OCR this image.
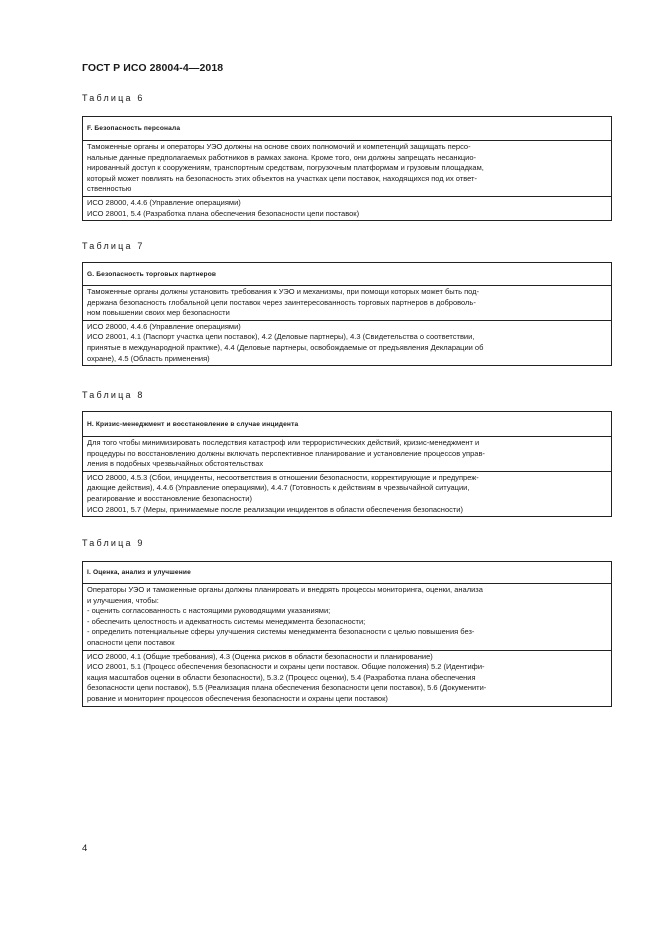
ГОСТ Р ИСО 28004-4—2018
Таблица 6
F. Безопасность персонала
Таможенные органы и операторы УЭО должны на основе своих полномочий и компетенций защищать персо-
нальные данные предполагаемых работников в рамках закона. Кроме того, они должны запрещать несанкцио-
нированный доступ к сооружениям, транспортным средствам, погрузочным платформам и грузовым площадкам,
который может повлиять на безопасность этих объектов на участках цепи поставок, находящихся под их ответ-
ственностью
ИСО 28000, 4.4.6 (Управление операциями)
ИСО 28001, 5.4 (Разработка плана обеспечения безопасности цепи поставок)
Таблица 7
G. Безопасность торговых партнеров
Таможенные органы должны установить требования к УЭО и механизмы, при помощи которых может быть под-
держана безопасность глобальной цепи поставок через заинтересованность торговых партнеров в доброволь-
ном повышении своих мер безопасности
ИСО 28000, 4.4.6 (Управление операциями)
ИСО 28001, 4.1 (Паспорт участка цепи поставок), 4.2 (Деловые партнеры), 4.3 (Свидетельства о соответствии,
принятые в международной практике), 4.4 (Деловые партнеры, освобождаемые от предъявления Декларации об
охране), 4.5 (Область применения)
Таблица 8
H. Кризис-менеджмент и восстановление в случае инцидента
Для того чтобы минимизировать последствия катастроф или террористических действий, кризис-менеджмент и
процедуры по восстановлению должны включать перспективное планирование и установление процессов управ-
ления в подобных чрезвычайных обстоятельствах
ИСО 28000, 4.5.3 (Сбои, инциденты, несоответствия в отношении безопасности, корректирующие и предупреж-
дающие действия), 4.4.6 (Управление операциями), 4.4.7 (Готовность к действиям в чрезвычайной ситуации,
реагирование и восстановление безопасности)
ИСО 28001, 5.7 (Меры, принимаемые после реализации инцидентов в области обеспечения безопасности)
Таблица 9
I. Оценка, анализ и улучшение
Операторы УЭО и таможенные органы должны планировать и внедрять процессы мониторинга, оценки, анализа
и улучшения, чтобы:
- оценить согласованность с настоящими руководящими указаниями;
- обеспечить целостность и адекватность системы менеджмента безопасности;
- определить потенциальные сферы улучшения системы менеджмента безопасности с целью повышения без-
опасности цепи поставок
ИСО 28000, 4.1 (Общие требования), 4.3 (Оценка рисков в области безопасности и планирование)
ИСО 28001, 5.1 (Процесс обеспечения безопасности и охраны цепи поставок. Общие положения) 5.2 (Идентифи-
кация масштабов оценки в области безопасности), 5.3.2 (Процесс оценки), 5.4 (Разработка плана обеспечения
безопасности цепи поставок), 5.5 (Реализация плана обеспечения безопасности цепи поставок), 5.6 (Докуменити-
рование и мониторинг процессов обеспечения безопасности и охраны цепи поставок)
4
